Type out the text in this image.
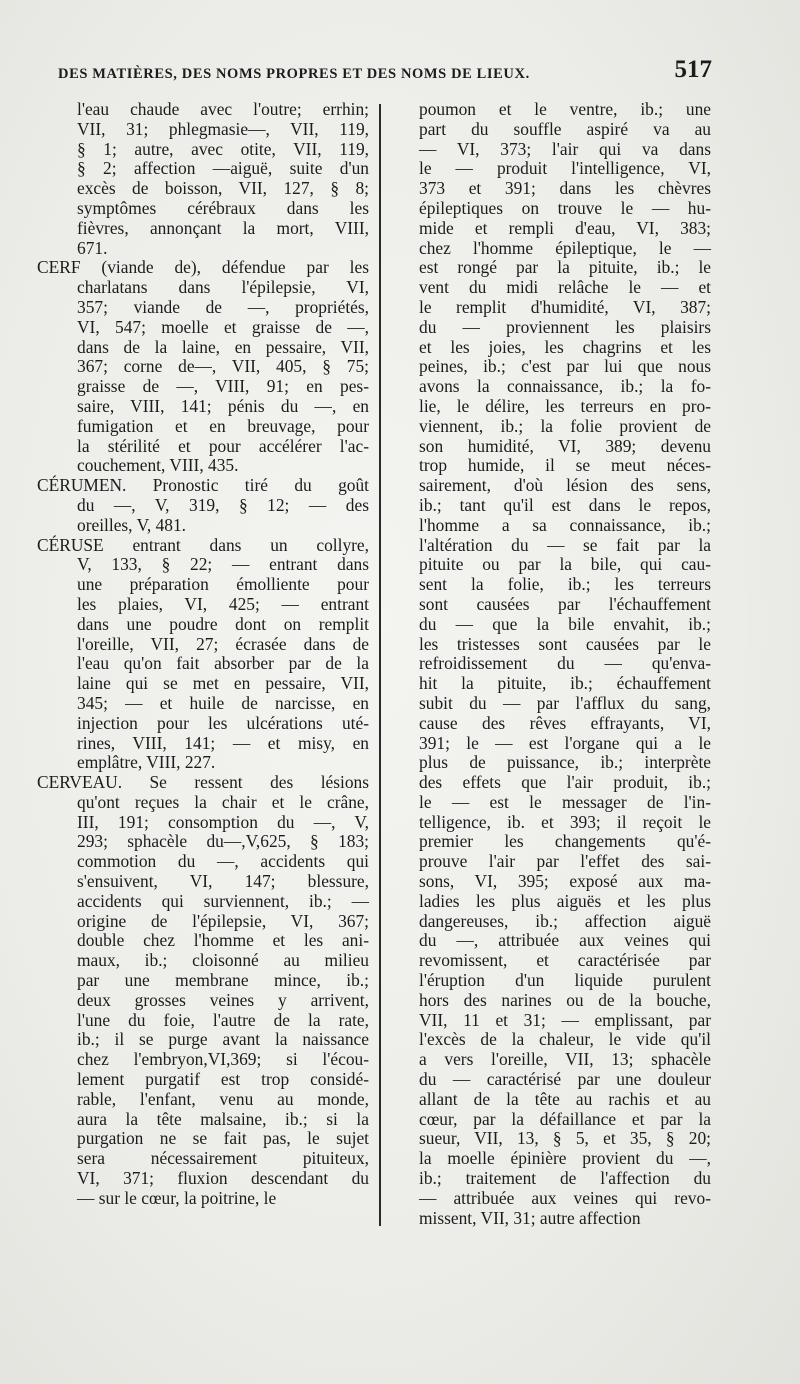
DES MATIÈRES, DES NOMS PROPRES ET DES NOMS DE LIEUX.	517
l'eau chaude avec l'outre; errhin;
VII, 31; phlegmasie—, VII, 119,
§ 1; autre, avec otite, VII, 119,
§ 2; affection —aiguë, suite d'un
excès de boisson, VII, 127, § 8;
symptômes cérébraux dans les
fièvres, annonçant la mort, VIII,
671.
CERF (viande de), défendue par les
charlatans dans l'épilepsie, VI,
357; viande de —, propriétés,
VI, 547; moelle et graisse de —,
dans de la laine, en pessaire, VII,
367; corne de—, VII, 405, § 75;
graisse de —, VIII, 91; en pes-
saire, VIII, 141; pénis du —, en
fumigation et en breuvage, pour
la stérilité et pour accélérer l'ac-
couchement, VIII, 435.
CÉRUMEN. Pronostic tiré du goût
du —, V, 319, § 12; — des
oreilles, V, 481.
CÉRUSE entrant dans un collyre,
V, 133, § 22; — entrant dans
une préparation émolliente pour
les plaies, VI, 425; — entrant
dans une poudre dont on remplit
l'oreille, VII, 27; écrasée dans de
l'eau qu'on fait absorber par de la
laine qui se met en pessaire, VII,
345; — et huile de narcisse, en
injection pour les ulcérations uté-
rines, VIII, 141; — et misy, en
emplâtre, VIII, 227.
CERVEAU. Se ressent des lésions
qu'ont reçues la chair et le crâne,
III, 191; consomption du —, V,
293; sphacèle du—,V,625, § 183;
commotion du —, accidents qui
s'ensuivent, VI, 147; blessure,
accidents qui surviennent, ib.; —
origine de l'épilepsie, VI, 367;
double chez l'homme et les ani-
maux, ib.; cloisonné au milieu
par une membrane mince, ib.;
deux grosses veines y arrivent,
l'une du foie, l'autre de la rate,
ib.; il se purge avant la naissance
chez l'embryon,VI,369; si l'écou-
lement purgatif est trop considé-
rable, l'enfant, venu au monde,
aura la tête malsaine, ib.; si la
purgation ne se fait pas, le sujet
sera nécessairement pituiteux,
VI, 371; fluxion descendant du
— sur le cœur, la poitrine, le
poumon et le ventre, ib.; une
part du souffle aspiré va au
— VI, 373; l'air qui va dans
le — produit l'intelligence, VI,
373 et 391; dans les chèvres
épileptiques on trouve le — hu-
mide et rempli d'eau, VI, 383;
chez l'homme épileptique, le —
est rongé par la pituite, ib.; le
vent du midi relâche le — et
le remplit d'humidité, VI, 387;
du — proviennent les plaisirs
et les joies, les chagrins et les
peines, ib.; c'est par lui que nous
avons la connaissance, ib.; la fo-
lie, le délire, les terreurs en pro-
viennent, ib.; la folie provient de
son humidité, VI, 389; devenu
trop humide, il se meut néces-
sairement, d'où lésion des sens,
ib.; tant qu'il est dans le repos,
l'homme a sa connaissance, ib.;
l'altération du — se fait par la
pituite ou par la bile, qui cau-
sent la folie, ib.; les terreurs
sont causées par l'échauffement
du — que la bile envahit, ib.;
les tristesses sont causées par le
refroidissement du — qu'enva-
hit la pituite, ib.; échauffement
subit du — par l'afflux du sang,
cause des rêves effrayants, VI,
391; le — est l'organe qui a le
plus de puissance, ib.; interprète
des effets que l'air produit, ib.;
le — est le messager de l'in-
telligence, ib. et 393; il reçoit le
premier les changements qu'é-
prouve l'air par l'effet des sai-
sons, VI, 395; exposé aux ma-
ladies les plus aiguës et les plus
dangereuses, ib.; affection aiguë
du —, attribuée aux veines qui
revomissent, et caractérisée par
l'éruption d'un liquide purulent
hors des narines ou de la bouche,
VII, 11 et 31; — emplissant, par
l'excès de la chaleur, le vide qu'il
a vers l'oreille, VII, 13; sphacèle
du — caractérisé par une douleur
allant de la tête au rachis et au
cœur, par la défaillance et par la
sueur, VII, 13, § 5, et 35, § 20;
la moelle épinière provient du —,
ib.; traitement de l'affection du
— attribuée aux veines qui revo-
missent, VII, 31; autre affection
